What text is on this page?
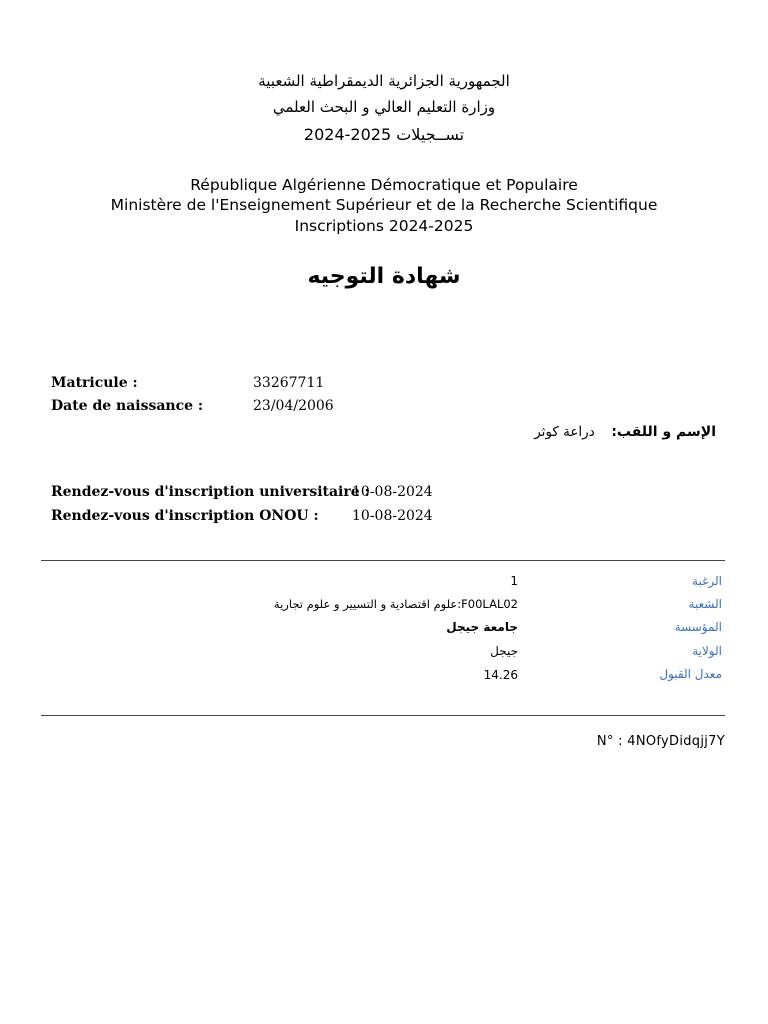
الجمهورية الجزائرية الديمقراطية الشعبية
وزارة التعليم العالي و البحث العلمي
تســجيلات 2025-2024
République Algérienne Démocratique et Populaire
Ministère de l'Enseignement Supérieur et de la Recherche Scientifique
Inscriptions 2024-2025
شهادة التوجيه
Matricule :	33267711
Date de naissance :	23/04/2006
الإسم و اللقب:  دراعة كوثر
Rendez-vous d'inscription universitaire :
10-08-2024
Rendez-vous d'inscription ONOU : 10-08-2024
الرغبة
1
الشعبة
F00LAL02:علوم اقتصادية و التسيير و علوم تجارية
المؤسسة
جامعة جيجل
الولاية
جيجل
معدل القبول
14.26
N° : 4NOfyDidqjj7Y
